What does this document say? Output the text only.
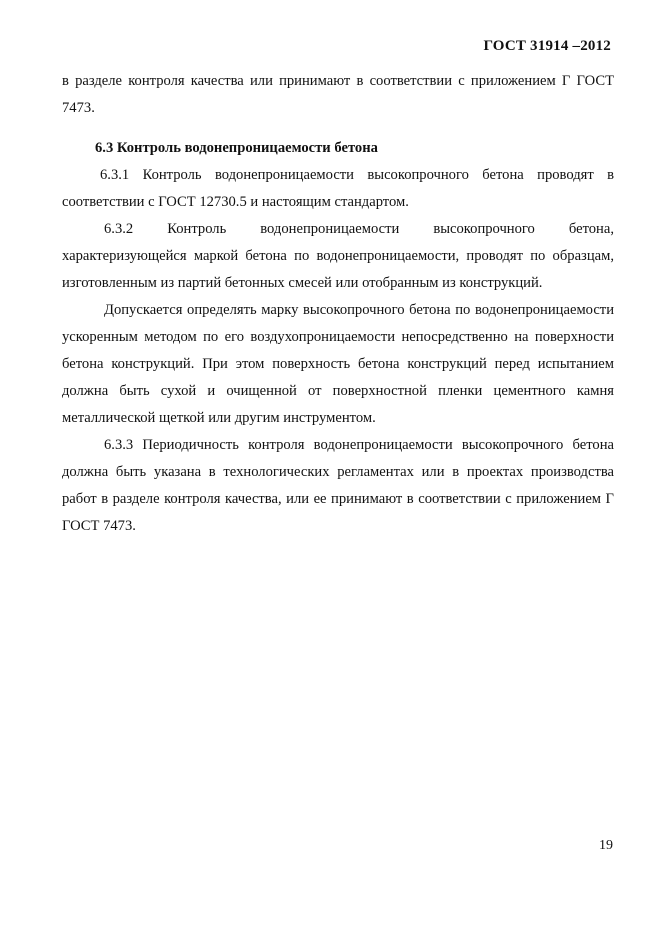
ГОСТ 31914 –2012

в разделе контроля качества или принимают в соответствии с приложением Г ГОСТ 7473.

6.3 Контроль водонепроницаемости бетона

6.3.1 Контроль водонепроницаемости высокопрочного бетона проводят в соответствии с ГОСТ 12730.5 и настоящим стандартом.

6.3.2 Контроль водонепроницаемости высокопрочного бетона, характеризующейся маркой бетона по водонепроницаемости, проводят по образцам, изготовленным из партий бетонных смесей или отобранным из конструкций.

Допускается определять марку высокопрочного бетона по водонепроницаемости ускоренным методом по его воздухопроницаемости непосредственно на поверхности бетона конструкций. При этом поверхность бетона конструкций перед испытанием должна быть сухой и очищенной от поверхностной пленки цементного камня металлической щеткой или другим инструментом.

6.3.3 Периодичность контроля водонепроницаемости высокопрочного бетона должна быть указана в технологических регламентах или в проектах производства работ в разделе контроля качества, или ее принимают в соответствии с приложением Г ГОСТ 7473.

19
